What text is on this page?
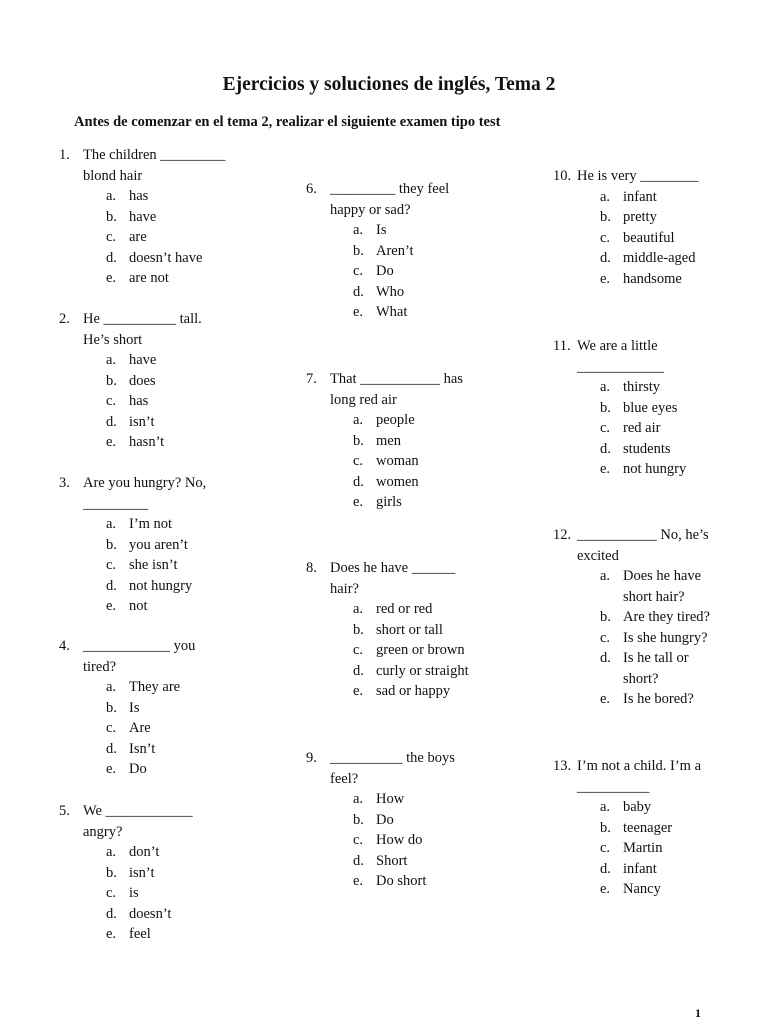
Ejercicios y soluciones de inglés, Tema 2

Antes de comenzar en el tema 2, realizar el siguiente examen tipo test

1. The children _________
blond hair
a. has
b. have
c. are
d. doesn’t have
e. are not
2. He __________ tall.
He’s short
a. have
b. does
c. has
d. isn’t
e. hasn’t
3. Are you hungry? No,
_________
a. I’m not
b. you aren’t
c. she isn’t
d. not hungry
e. not
4. ____________ you
tired?
a. They are
b. Is
c. Are
d. Isn’t
e. Do
5. We ____________
angry?
a. don’t
b. isn’t
c. is
d. doesn’t
e. feel
6. _________ they feel
happy or sad?
a. Is
b. Aren’t
c. Do
d. Who
e. What
7. That ___________ has
long red air
a. people
b. men
c. woman
d. women
e. girls
8. Does he have ______
hair?
a. red or red
b. short or tall
c. green or brown
d. curly or straight
e. sad or happy
9. __________ the boys
feel?
a. How
b. Do
c. How do
d. Short
e. Do short
10. He is very ________
a. infant
b. pretty
c. beautiful
d. middle-aged
e. handsome
11. We are a little
____________
a. thirsty
b. blue eyes
c. red air
d. students
e. not hungry
12. ___________ No, he’s
excited
a. Does he have short hair?
b. Are they tired?
c. Is she hungry?
d. Is he tall or short?
e. Is he bored?
13. I’m not a child. I’m a
__________
a. baby
b. teenager
c. Martin
d. infant
e. Nancy
1
